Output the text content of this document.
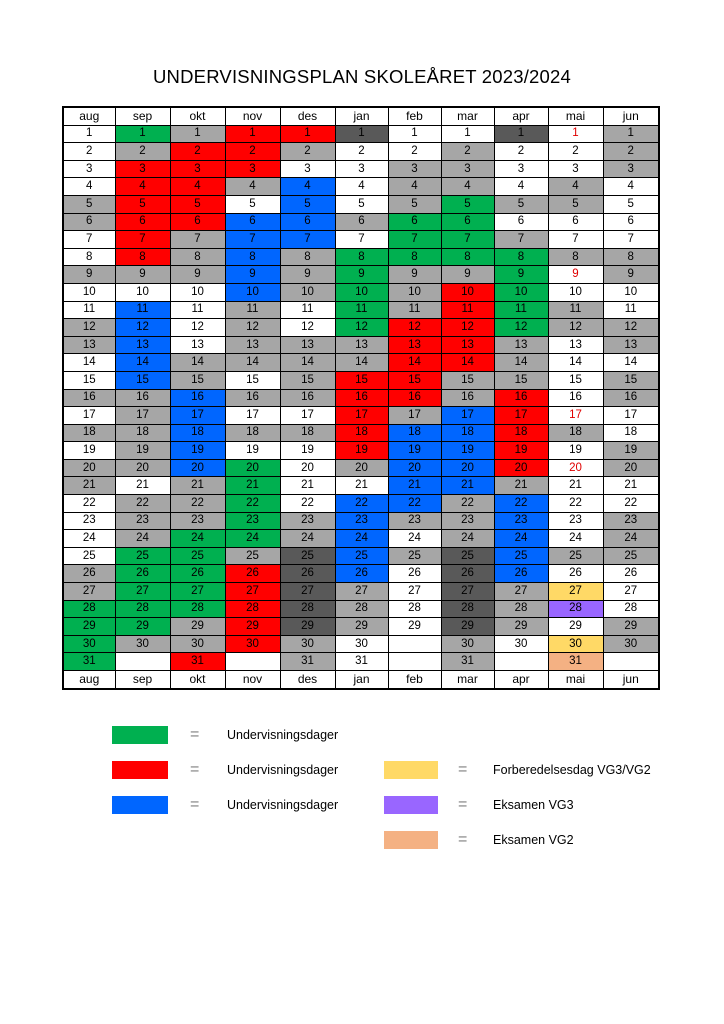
UNDERVISNINGSPLAN SKOLEÅRET 2023/2024
aug	sep	okt	nov	des	jan	feb	mar	apr	mai	jun
1	1	1	1	1	1	1	1	1	1	1
2	2	2	2	2	2	2	2	2	2	2
3	3	3	3	3	3	3	3	3	3	3
4	4	4	4	4	4	4	4	4	4	4
5	5	5	5	5	5	5	5	5	5	5
6	6	6	6	6	6	6	6	6	6	6
7	7	7	7	7	7	7	7	7	7	7
8	8	8	8	8	8	8	8	8	8	8
9	9	9	9	9	9	9	9	9	9	9
10	10	10	10	10	10	10	10	10	10	10
11	11	11	11	11	11	11	11	11	11	11
12	12	12	12	12	12	12	12	12	12	12
13	13	13	13	13	13	13	13	13	13	13
14	14	14	14	14	14	14	14	14	14	14
15	15	15	15	15	15	15	15	15	15	15
16	16	16	16	16	16	16	16	16	16	16
17	17	17	17	17	17	17	17	17	17	17
18	18	18	18	18	18	18	18	18	18	18
19	19	19	19	19	19	19	19	19	19	19
20	20	20	20	20	20	20	20	20	20	20
21	21	21	21	21	21	21	21	21	21	21
22	22	22	22	22	22	22	22	22	22	22
23	23	23	23	23	23	23	23	23	23	23
24	24	24	24	24	24	24	24	24	24	24
25	25	25	25	25	25	25	25	25	25	25
26	26	26	26	26	26	26	26	26	26	26
27	27	27	27	27	27	27	27	27	27	27
28	28	28	28	28	28	28	28	28	28	28
29	29	29	29	29	29	29	29	29	29	29
30	30	30	30	30	30		30	30	30	30
31		31		31	31		31		31	
aug	sep	okt	nov	des	jan	feb	mar	apr	mai	jun
= Undervisningsdager
= Undervisningsdager
= Undervisningsdager
= Forberedelsesdag VG3/VG2
= Eksamen VG3
= Eksamen VG2
